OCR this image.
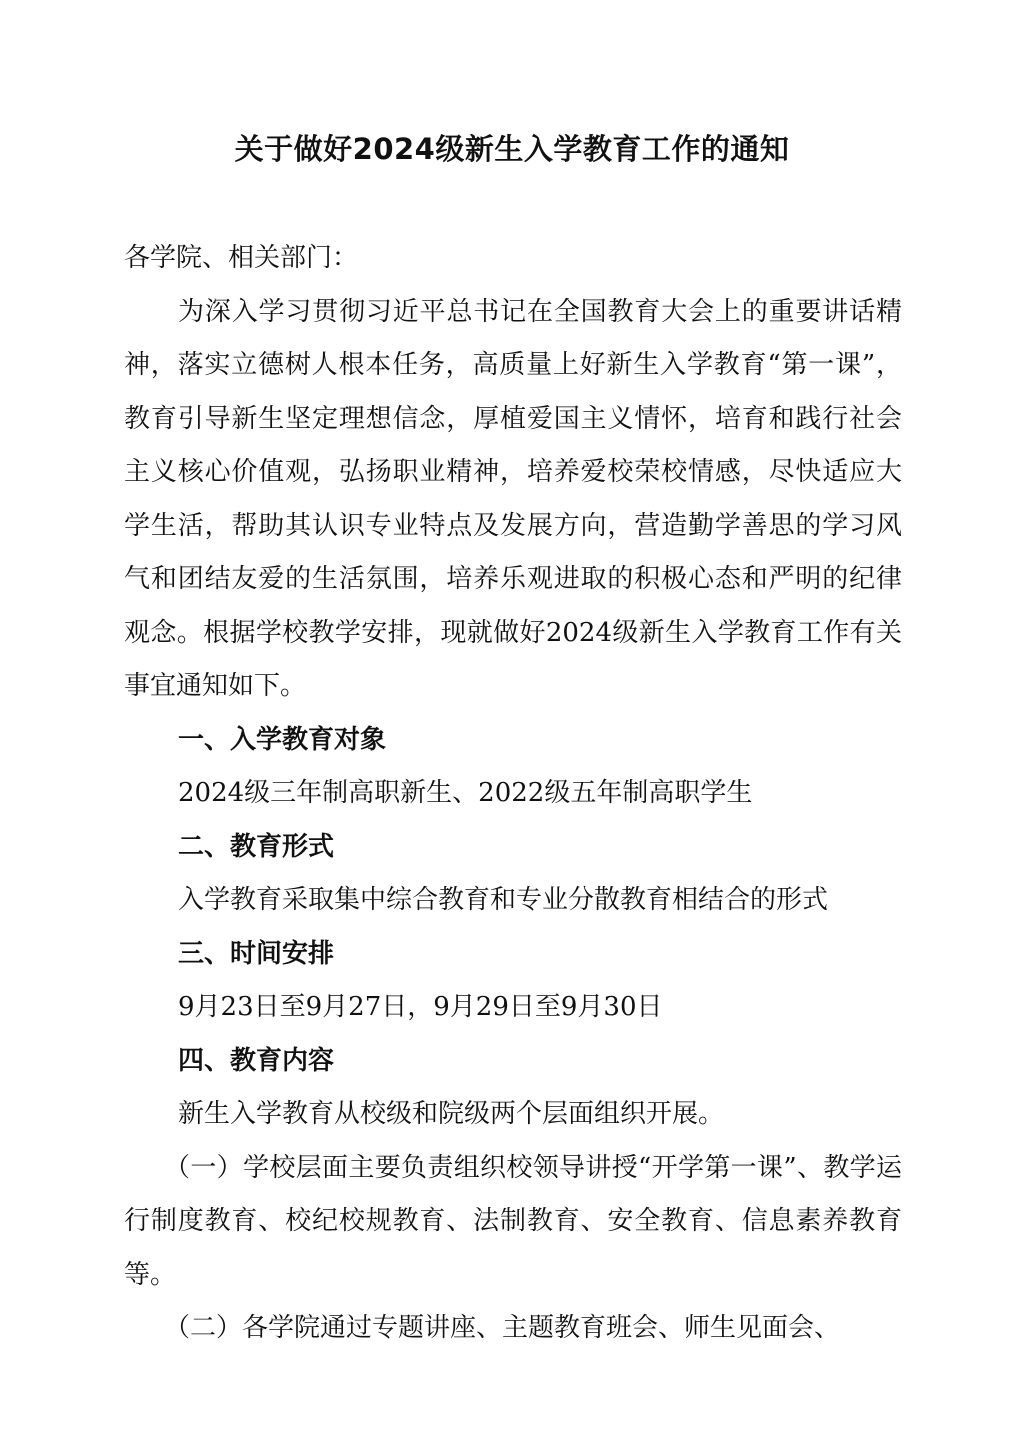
关于做好2024级新生入学教育工作的通知

各学院、相关部门：

为深入学习贯彻习近平总书记在全国教育大会上的重要讲话精神，落实立德树人根本任务，高质量上好新生入学教育“第一课”，教育引导新生坚定理想信念，厚植爱国主义情怀，培育和践行社会主义核心价值观，弘扬职业精神，培养爱校荣校情感，尽快适应大学生活，帮助其认识专业特点及发展方向，营造勤学善思的学习风气和团结友爱的生活氛围，培养乐观进取的积极心态和严明的纪律观念。根据学校教学安排，现就做好2024级新生入学教育工作有关事宜通知如下。

一、入学教育对象

2024级三年制高职新生、2022级五年制高职学生

二、教育形式

入学教育采取集中综合教育和专业分散教育相结合的形式

三、时间安排

9月23日至9月27日，9月29日至9月30日

四、教育内容

新生入学教育从校级和院级两个层面组织开展。

（一）学校层面主要负责组织校领导讲授“开学第一课”、教学运行制度教育、校纪校规教育、法制教育、安全教育、信息素养教育等。

（二）各学院通过专题讲座、主题教育班会、师生见面会、
